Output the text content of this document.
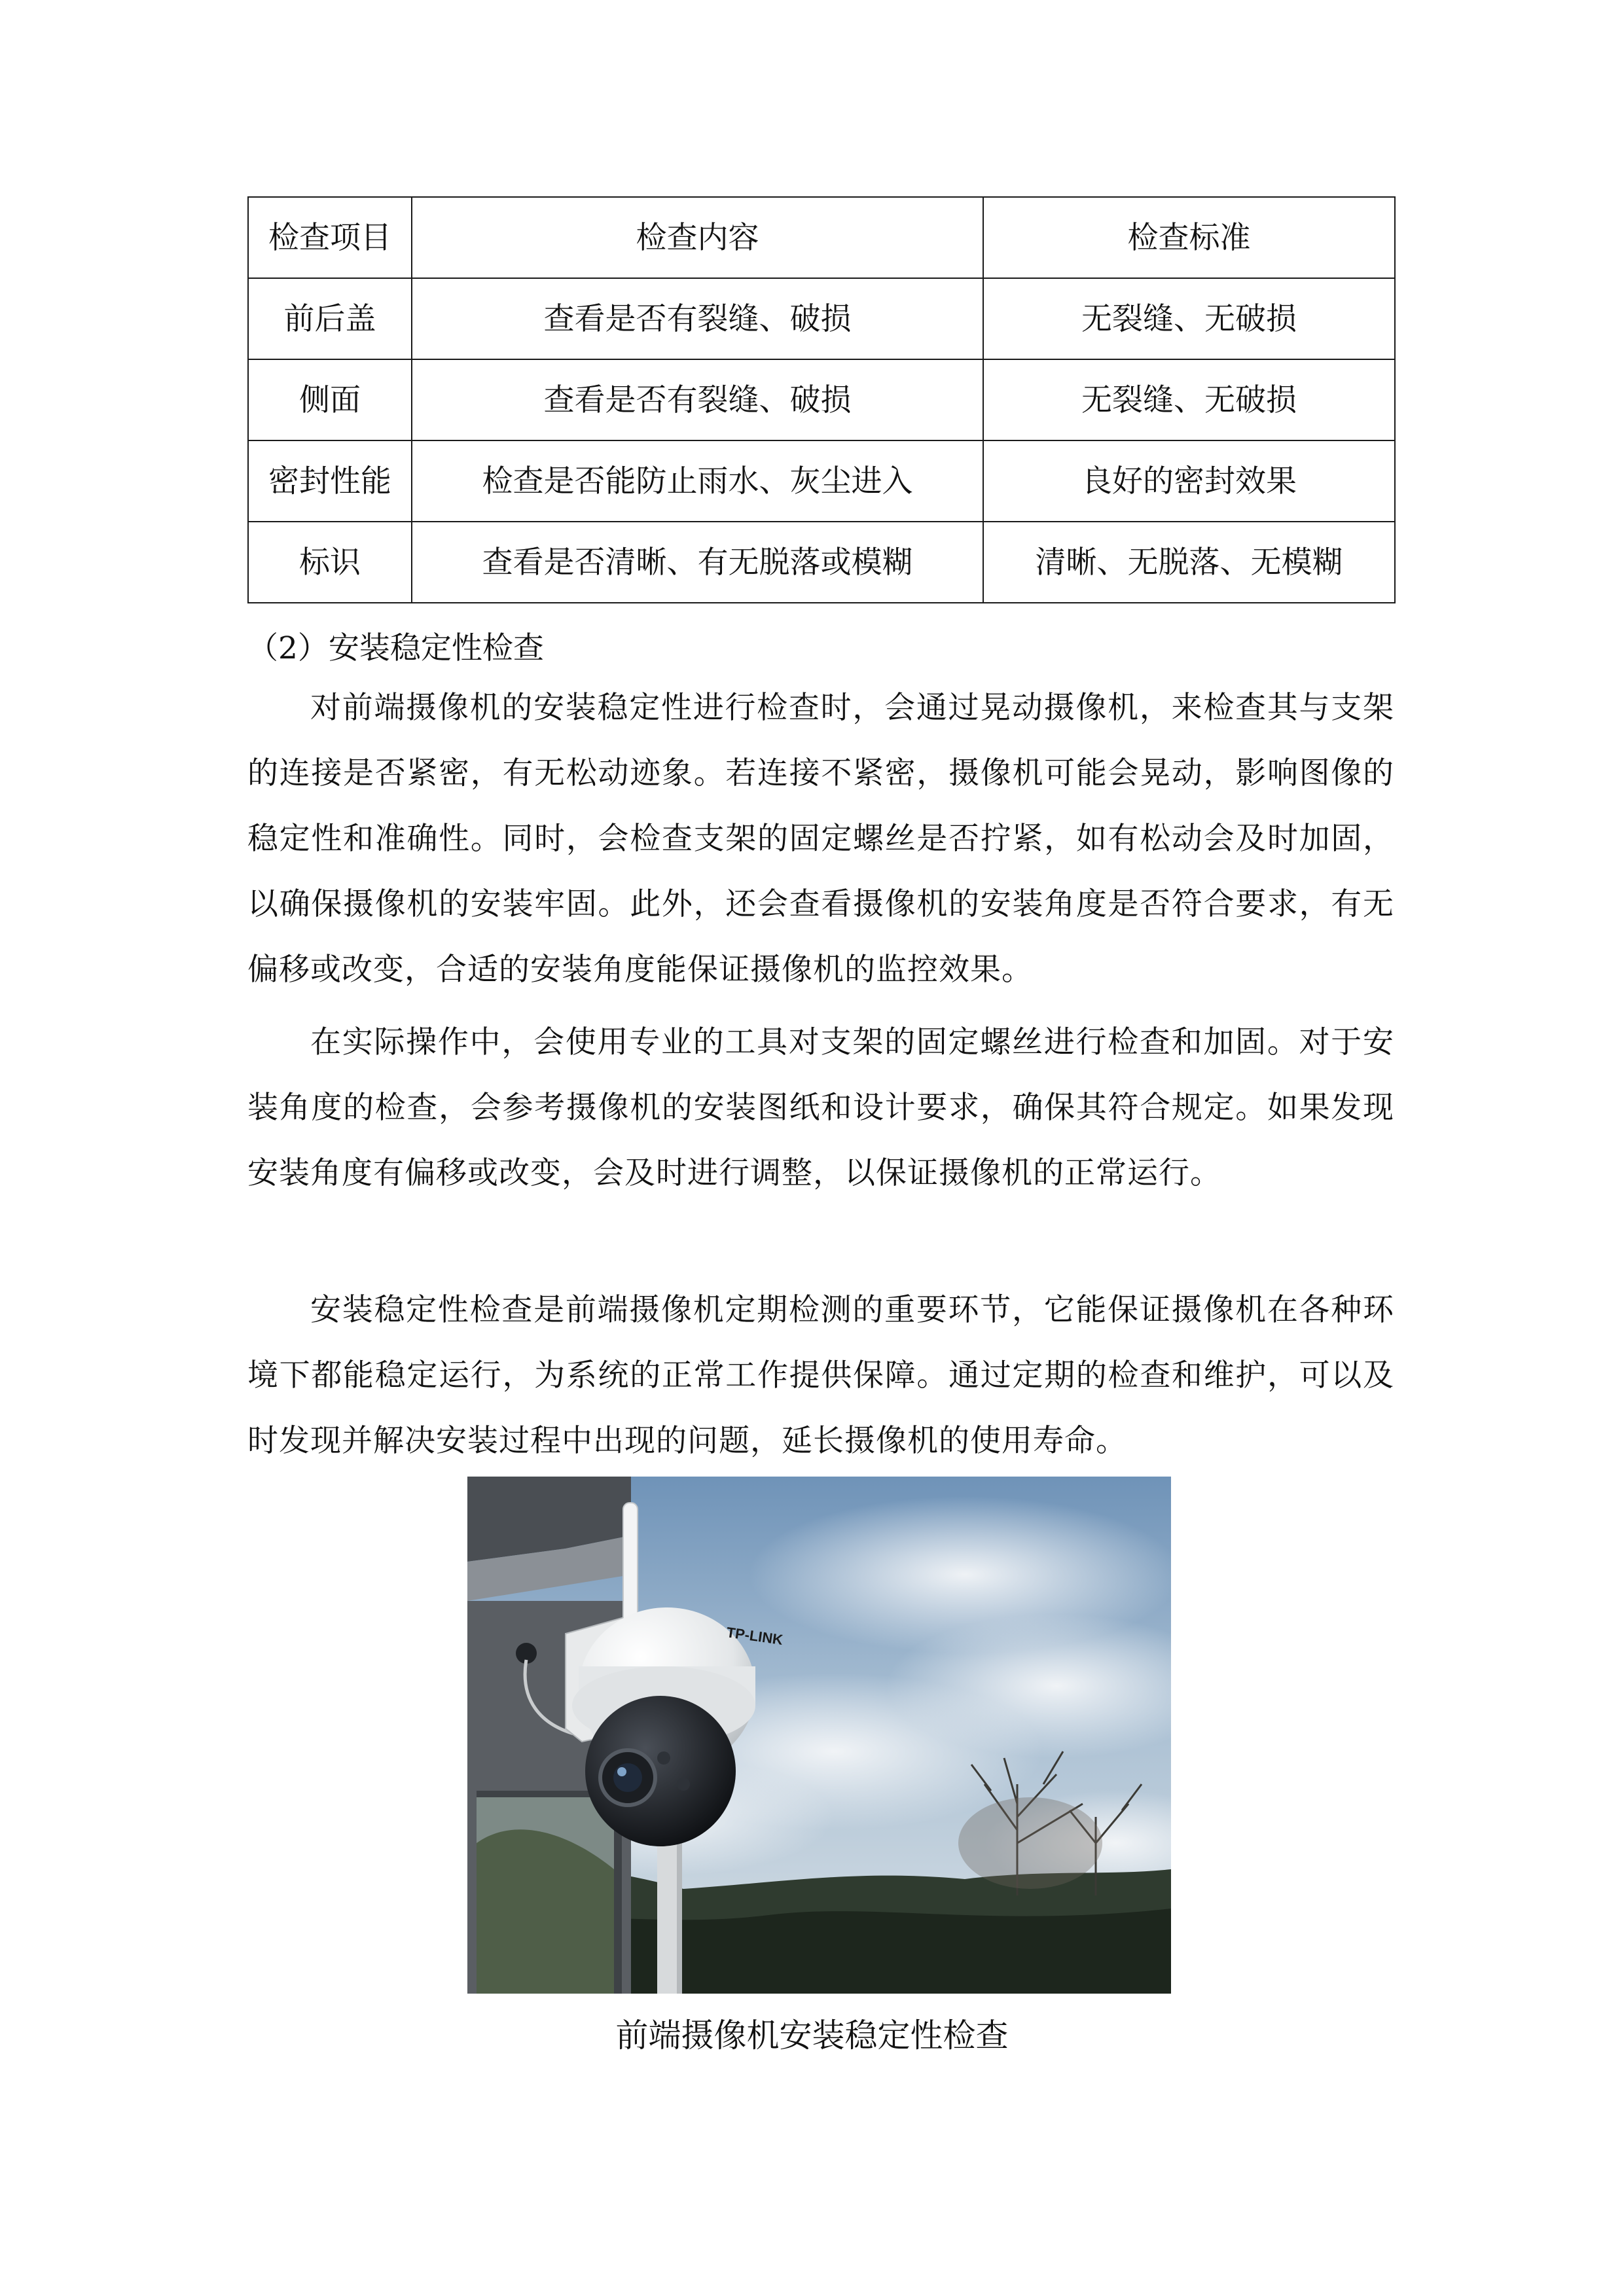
检查项目	检查内容	检查标准
前后盖	查看是否有裂缝、破损	无裂缝、无破损
侧面	查看是否有裂缝、破损	无裂缝、无破损
密封性能	检查是否能防止雨水、灰尘进入	良好的密封效果
标识	查看是否清晰、有无脱落或模糊	清晰、无脱落、无模糊
（2）安装稳定性检查

对前端摄像机的安装稳定性进行检查时，会通过晃动摄像机，来检查其与支架的连接是否紧密，有无松动迹象。若连接不紧密，摄像机可能会晃动，影响图像的稳定性和准确性。同时，会检查支架的固定螺丝是否拧紧，如有松动会及时加固，以确保摄像机的安装牢固。此外，还会查看摄像机的安装角度是否符合要求，有无偏移或改变，合适的安装角度能保证摄像机的监控效果。

在实际操作中，会使用专业的工具对支架的固定螺丝进行检查和加固。对于安装角度的检查，会参考摄像机的安装图纸和设计要求，确保其符合规定。如果发现安装角度有偏移或改变，会及时进行调整，以保证摄像机的正常运行。

安装稳定性检查是前端摄像机定期检测的重要环节，它能保证摄像机在各种环境下都能稳定运行，为系统的正常工作提供保障。通过定期的检查和维护，可以及时发现并解决安装过程中出现的问题，延长摄像机的使用寿命。

TP-LINK
前端摄像机安装稳定性检查
